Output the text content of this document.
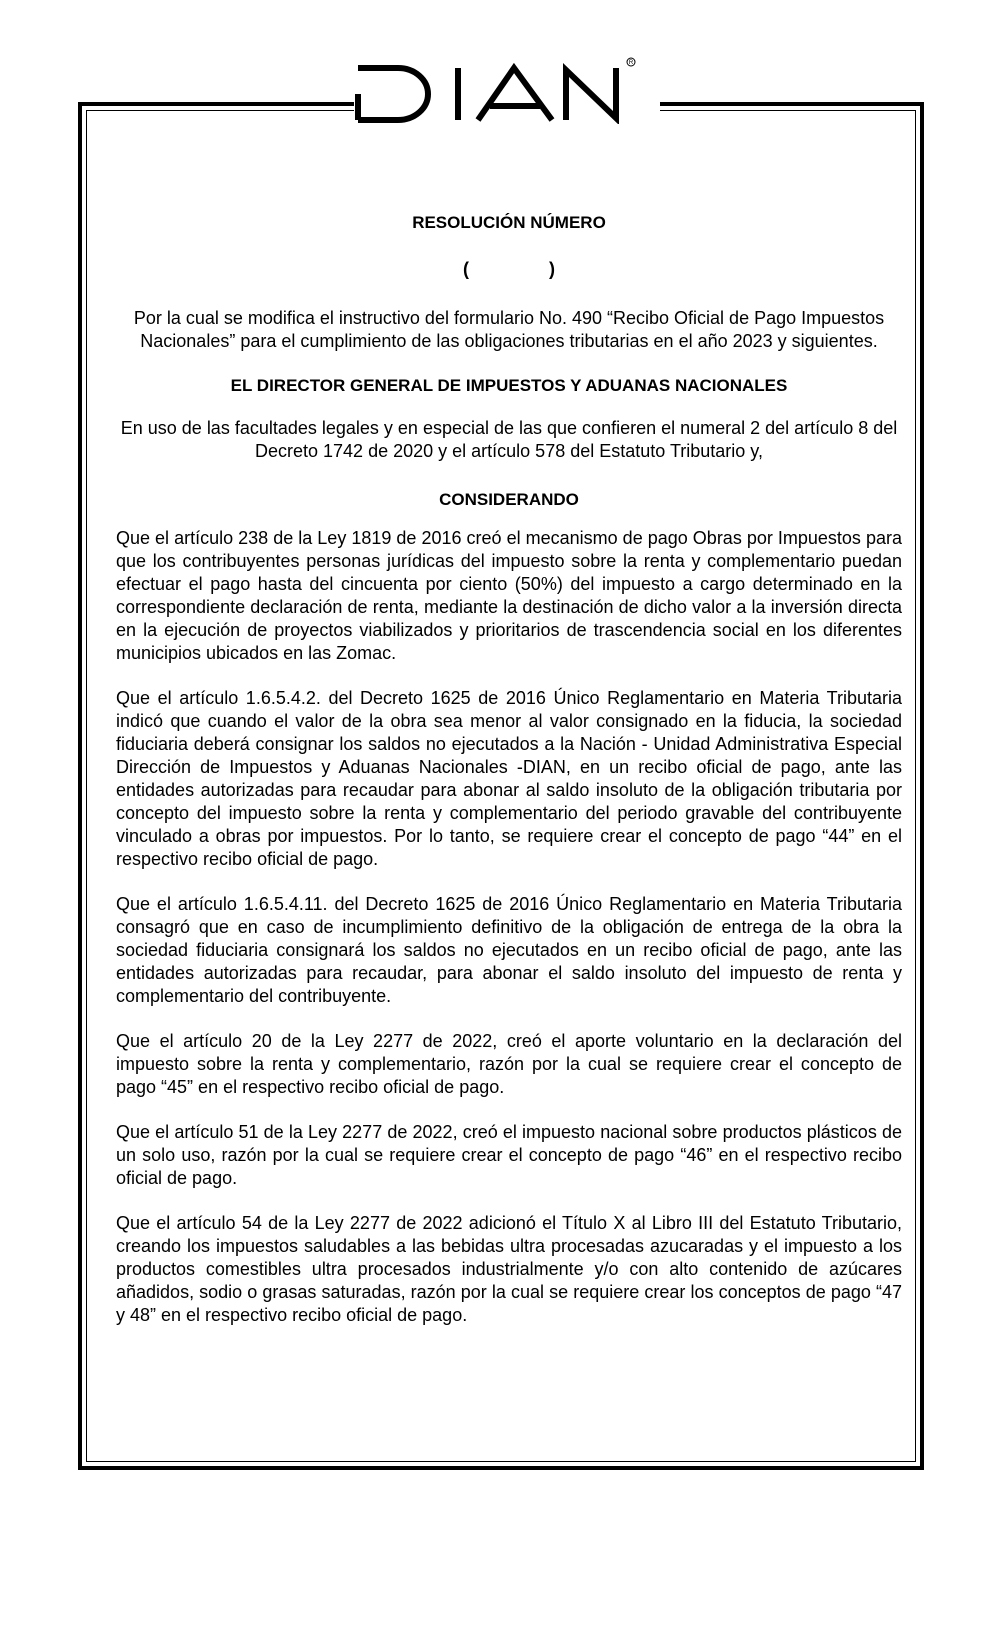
R

RESOLUCIÓN NÚMERO

(	)
Por la cual se modifica el instructivo del formulario No. 490 “Recibo Oficial de Pago Impuestos Nacionales” para el cumplimiento de las obligaciones tributarias en el año 2023 y siguientes.
EL DIRECTOR GENERAL DE IMPUESTOS Y ADUANAS NACIONALES
En uso de las facultades legales y en especial de las que confieren el numeral 2 del artículo 8 del Decreto 1742 de 2020 y el artículo 578 del Estatuto Tributario y,
CONSIDERANDO
Que el artículo 238 de la Ley 1819 de 2016 creó el mecanismo de pago Obras por Impuestos para que los contribuyentes personas jurídicas del impuesto sobre la renta y complementario puedan efectuar el pago hasta del cincuenta por ciento (50%) del impuesto a cargo determinado en la correspondiente declaración de renta, mediante la destinación de dicho valor a la inversión directa en la ejecución de proyectos viabilizados y prioritarios de trascendencia social en los diferentes municipios ubicados en las Zomac.
Que el artículo 1.6.5.4.2. del Decreto 1625 de 2016 Único Reglamentario en Materia Tributaria indicó que cuando el valor de la obra sea menor al valor consignado en la fiducia, la sociedad fiduciaria deberá consignar los saldos no ejecutados a la Nación - Unidad Administrativa Especial Dirección de Impuestos y Aduanas Nacionales -DIAN, en un recibo oficial de pago, ante las entidades autorizadas para recaudar para abonar al saldo insoluto de la obligación tributaria por concepto del impuesto sobre la renta y complementario del periodo gravable del contribuyente vinculado a obras por impuestos. Por lo tanto, se requiere crear el concepto de pago “44” en el respectivo recibo oficial de pago.
Que el artículo 1.6.5.4.11. del Decreto 1625 de 2016 Único Reglamentario en Materia Tributaria consagró que en caso de incumplimiento definitivo de la obligación de entrega de la obra la sociedad fiduciaria consignará los saldos no ejecutados en un recibo oficial de pago, ante las entidades autorizadas para recaudar, para abonar el saldo insoluto del impuesto de renta y complementario del contribuyente.
Que el artículo 20 de la Ley 2277 de 2022, creó el aporte voluntario en la declaración del impuesto sobre la renta y complementario, razón por la cual se requiere crear el concepto de pago “45” en el respectivo recibo oficial de pago.
Que el artículo 51 de la Ley 2277 de 2022, creó el impuesto nacional sobre productos plásticos de un solo uso, razón por la cual se requiere crear el concepto de pago “46” en el respectivo recibo oficial de pago.
Que el artículo 54 de la Ley 2277 de 2022 adicionó el Título X al Libro III del Estatuto Tributario, creando los impuestos saludables a las bebidas ultra procesadas azucaradas y el impuesto a los productos comestibles ultra procesados industrialmente y/o con alto contenido de azúcares añadidos, sodio o grasas saturadas, razón por la cual se requiere crear los conceptos de pago “47 y 48” en el respectivo recibo oficial de pago.
